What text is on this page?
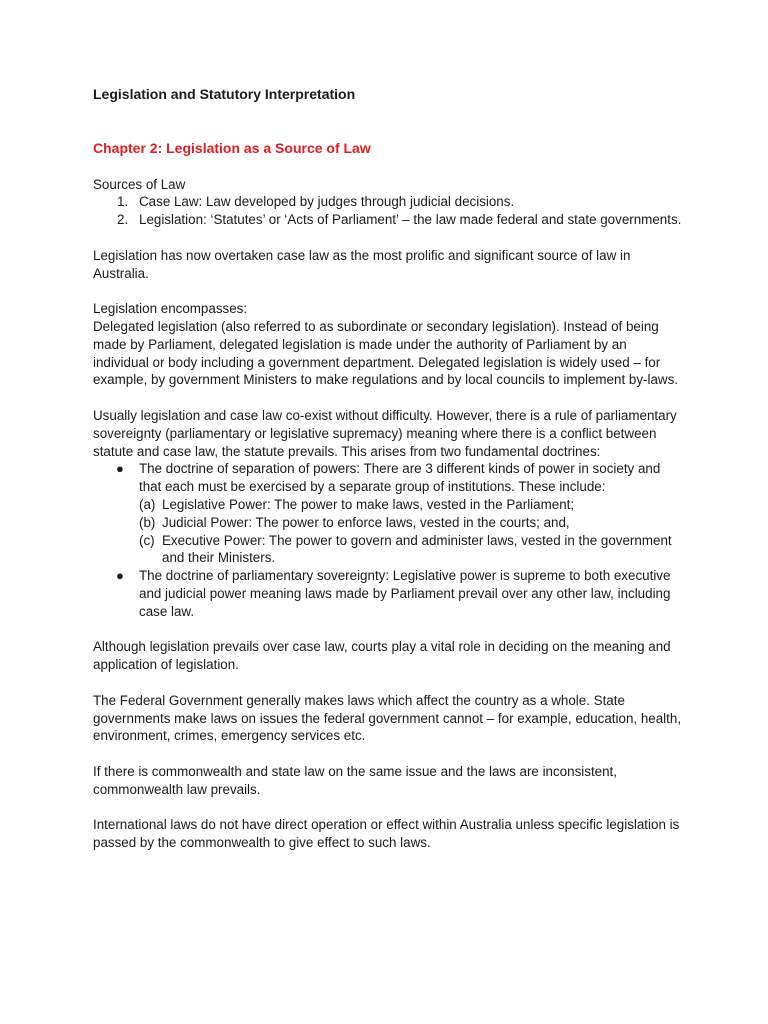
Legislation and Statutory Interpretation
Chapter 2: Legislation as a Source of Law

Sources of Law

1. Case Law: Law developed by judges through judicial decisions.
2. Legislation: ‘Statutes’ or ‘Acts of Parliament’ – the law made federal and state governments.

Legislation has now overtaken case law as the most prolific and significant source of law in Australia.

Legislation encompasses:

Delegated legislation (also referred to as subordinate or secondary legislation). Instead of being made by Parliament, delegated legislation is made under the authority of Parliament by an individual or body including a government department. Delegated legislation is widely used – for example, by government Ministers to make regulations and by local councils to implement by-laws.

Usually legislation and case law co-exist without difficulty. However, there is a rule of parliamentary sovereignty (parliamentary or legislative supremacy) meaning where there is a conflict between statute and case law, the statute prevails. This arises from two fundamental doctrines:

● The doctrine of separation of powers: There are 3 different kinds of power in society and that each must be exercised by a separate group of institutions. These include:
(a) Legislative Power: The power to make laws, vested in the Parliament;
(b) Judicial Power: The power to enforce laws, vested in the courts; and,
(c) Executive Power: The power to govern and administer laws, vested in the government and their Ministers.
● The doctrine of parliamentary sovereignty: Legislative power is supreme to both executive and judicial power meaning laws made by Parliament prevail over any other law, including case law.

Although legislation prevails over case law, courts play a vital role in deciding on the meaning and application of legislation.

The Federal Government generally makes laws which affect the country as a whole. State governments make laws on issues the federal government cannot – for example, education, health, environment, crimes, emergency services etc.

If there is commonwealth and state law on the same issue and the laws are inconsistent, commonwealth law prevails.

International laws do not have direct operation or effect within Australia unless specific legislation is passed by the commonwealth to give effect to such laws.
